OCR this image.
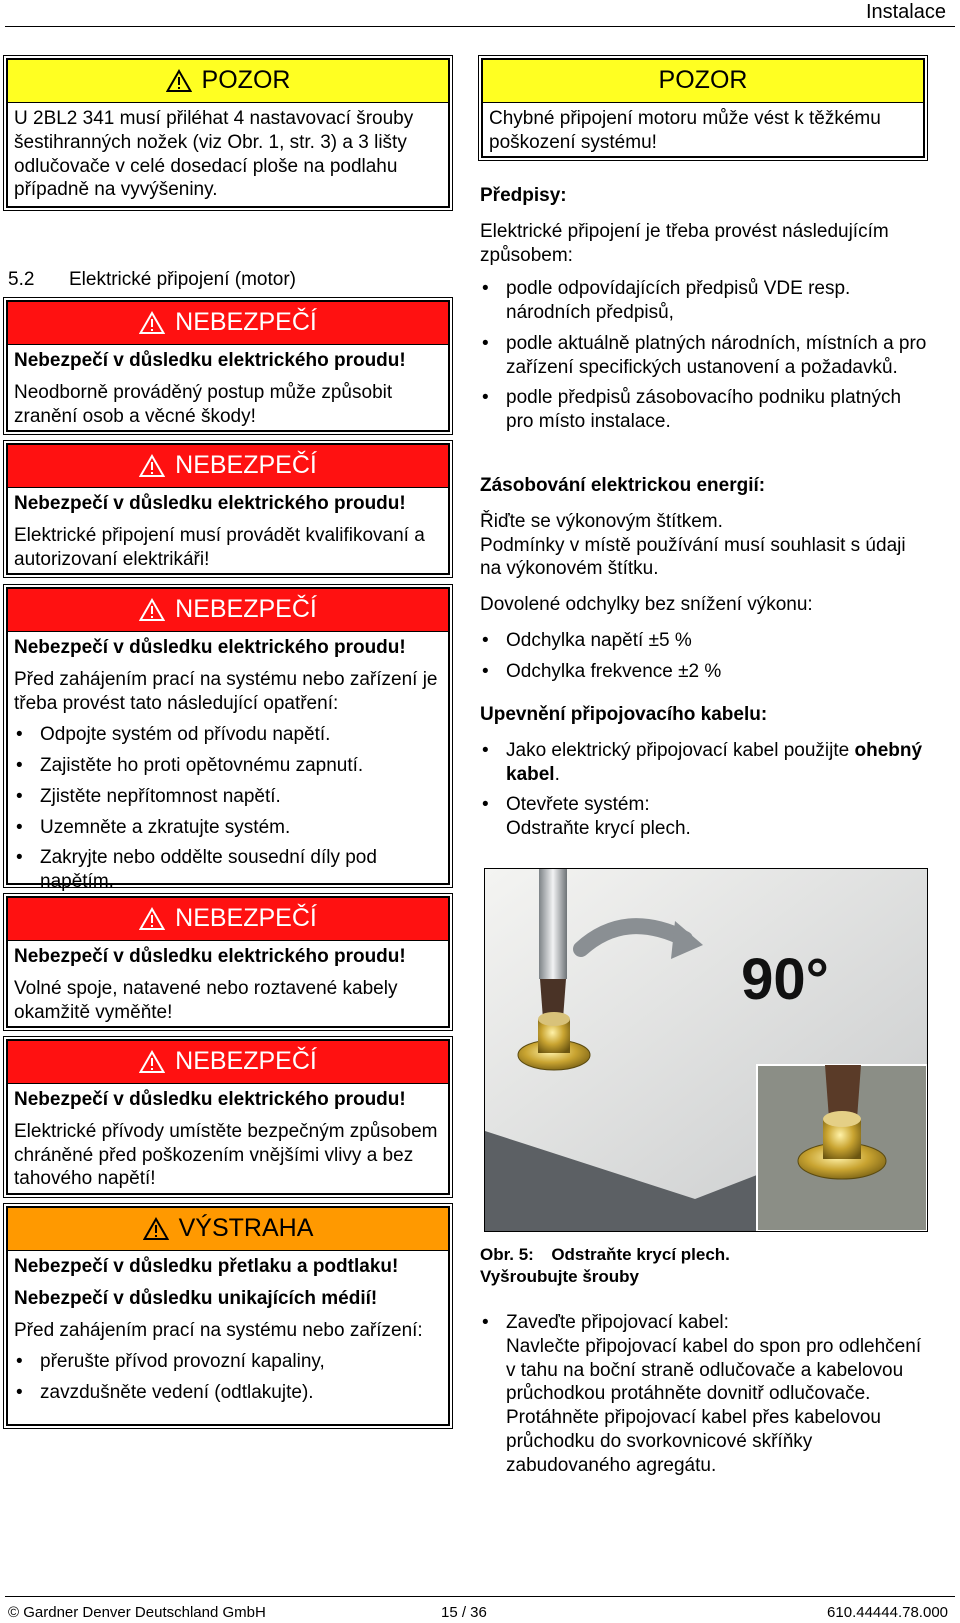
Instalace
POZOR

U 2BL2 341 musí přiléhat 4 nastavovací šrouby šestihranných nožek (viz Obr. 1, str. 3) a 3 lišty odlučovače v celé dosedací ploše na podlahu případně na vyvýšeniny.

5.2 Elektrické připojení (motor)
NEBEZPEČÍ

Nebezpečí v důsledku elektrického proudu!

Neodborně prováděný postup může způsobit zranění osob a věcné škody!

NEBEZPEČÍ

Nebezpečí v důsledku elektrického proudu!

Elektrické připojení musí provádět kvalifikovaní a autorizovaní elektrikáři!

NEBEZPEČÍ

Nebezpečí v důsledku elektrického proudu!

Před zahájením prací na systému nebo zařízení je třeba provést tato následující opatření:

• Odpojte systém od přívodu napětí.
• Zajistěte ho proti opětovnému zapnutí.
• Zjistěte nepřítomnost napětí.
• Uzemněte a zkratujte systém.
• Zakryjte nebo oddělte sousední díly pod napětím.
NEBEZPEČÍ

Nebezpečí v důsledku elektrického proudu!

Volné spoje, natavené nebo roztavené kabely okamžitě vyměňte!

NEBEZPEČÍ

Nebezpečí v důsledku elektrického proudu!

Elektrické přívody umístěte bezpečným způsobem chráněné před poškozením vnějšími vlivy a bez tahového napětí!

VÝSTRAHA

Nebezpečí v důsledku přetlaku a podtlaku!

Nebezpečí v důsledku unikajících médií!

Před zahájením prací na systému nebo zařízení:

• přerušte přívod provozní kapaliny,
• zavzdušněte vedení (odtlakujte).
POZOR

Chybné připojení motoru může vést k těžkému poškození systému!

Předpisy:

Elektrické připojení je třeba provést následujícím způsobem:

• podle odpovídajících předpisů VDE resp. národních předpisů,
• podle aktuálně platných národních, místních a pro zařízení specifických ustanovení a požadavků.
• podle předpisů zásobovacího podniku platných pro místo instalace.

Zásobování elektrickou energií:

Řiďte se výkonovým štítkem.

Podmínky v místě používání musí souhlasit s údaji na výkonovém štítku.

Dovolené odchylky bez snížení výkonu:

• Odchylka napětí ±5 %
• Odchylka frekvence ±2 %

Upevnění připojovacího kabelu:

• Jako elektrický připojovací kabel použijte ohebný kabel.
• Otevřete systém:
Odstraňte krycí plech.
90°
Obr. 5: Odstraňte krycí plech.
Vyšroubujte šrouby
• Zaveďte připojovací kabel:
Navlečte připojovací kabel do spon pro odlehčení v tahu na boční straně odlučovače a kabelovou průchodkou protáhněte dovnitř odlučovače.
Protáhněte připojovací kabel přes kabelovou průchodku do svorkovnicové skříňky zabudovaného agregátu.
© Gardner Denver Deutschland GmbH	15 / 36	610.44444.78.000
